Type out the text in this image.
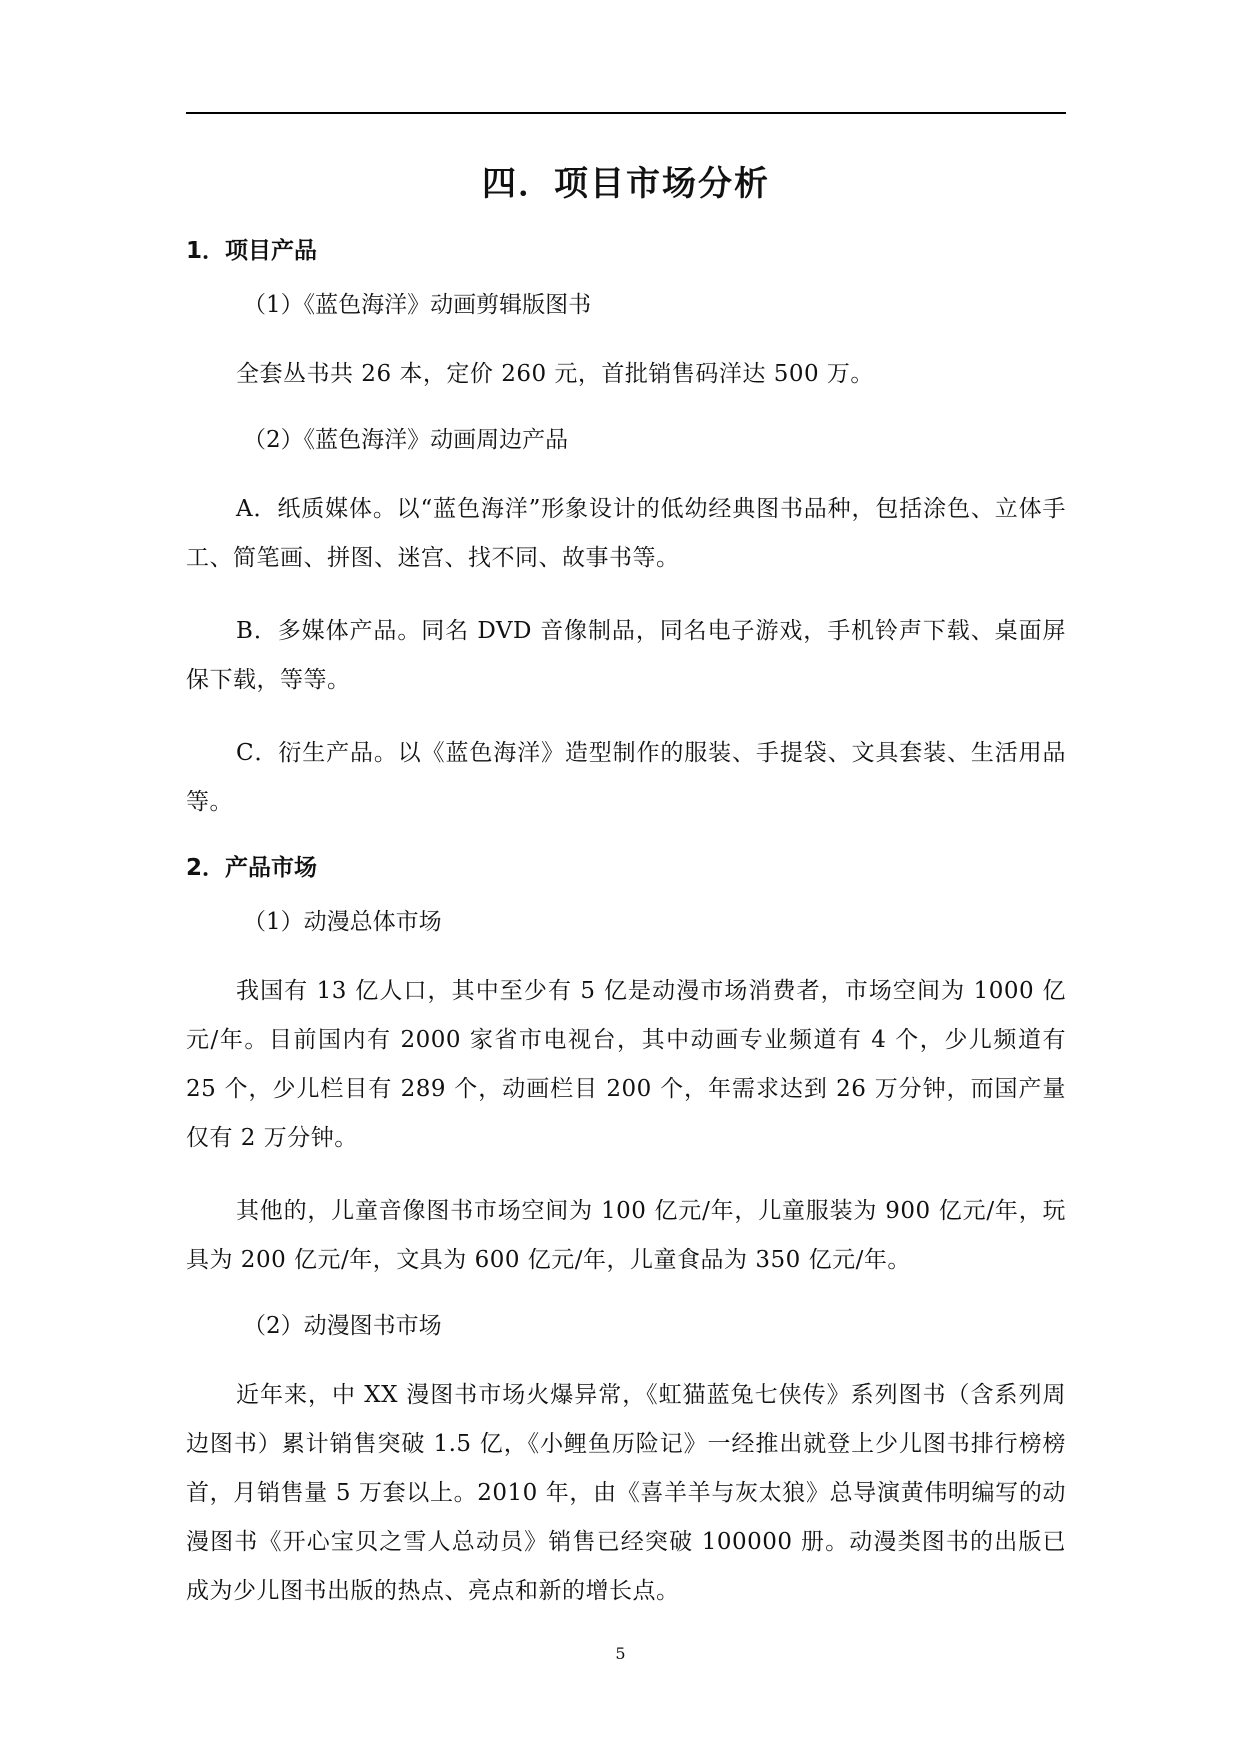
四．项目市场分析
1．项目产品

（1）《蓝色海洋》动画剪辑版图书

全套丛书共 26 本，定价 260 元，首批销售码洋达 500 万。

（2）《蓝色海洋》动画周边产品

A．纸质媒体。以“蓝色海洋”形象设计的低幼经典图书品种，包括涂色、立体手工、简笔画、拼图、迷宫、找不同、故事书等。

B．多媒体产品。同名 DVD 音像制品，同名电子游戏，手机铃声下载、桌面屏保下载，等等。

C．衍生产品。以《蓝色海洋》造型制作的服装、手提袋、文具套装、生活用品等。

2．产品市场

（1）动漫总体市场

我国有 13 亿人口，其中至少有 5 亿是动漫市场消费者，市场空间为 1000 亿元/年。目前国内有 2000 家省市电视台，其中动画专业频道有 4 个，少儿频道有 25 个，少儿栏目有 289 个，动画栏目 200 个，年需求达到 26 万分钟，而国产量仅有 2 万分钟。

其他的，儿童音像图书市场空间为 100 亿元/年，儿童服装为 900 亿元/年，玩具为 200 亿元/年，文具为 600 亿元/年，儿童食品为 350 亿元/年。

（2）动漫图书市场

近年来，中 XX 漫图书市场火爆异常，《虹猫蓝兔七侠传》系列图书（含系列周边图书）累计销售突破 1.5 亿，《小鲤鱼历险记》一经推出就登上少儿图书排行榜榜首，月销售量 5 万套以上。2010 年，由《喜羊羊与灰太狼》总导演黄伟明编写的动漫图书《开心宝贝之雪人总动员》销售已经突破 100000 册。动漫类图书的出版已成为少儿图书出版的热点、亮点和新的增长点。

5
